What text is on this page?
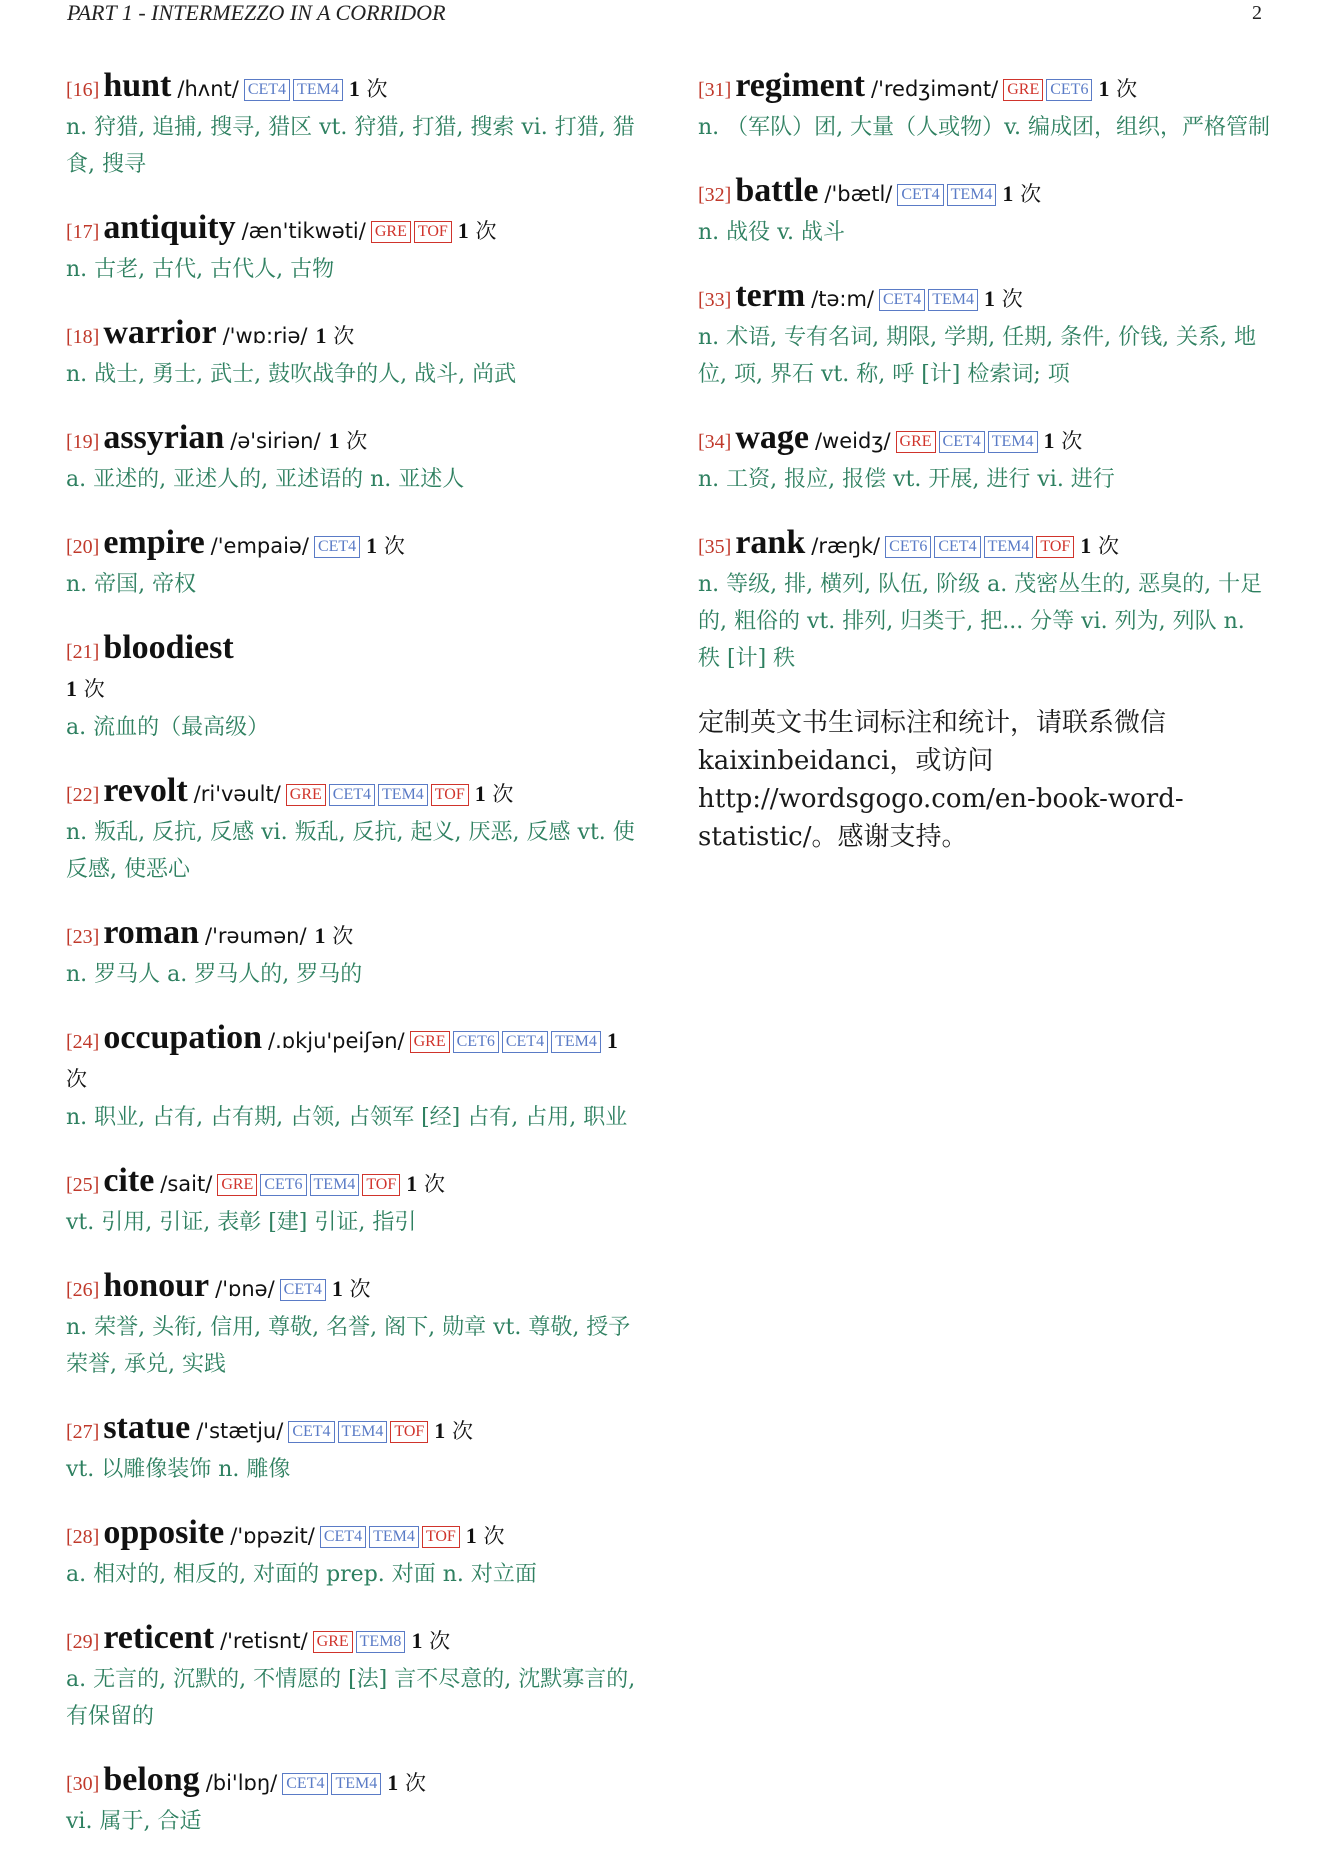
PART 1 - INTERMEZZO IN A CORRIDOR	2
[16] hunt /hʌnt/ CET4 TEM4 1 次
n. 狩猎, 追捕, 搜寻, 猎区 vt. 狩猎, 打猎, 搜索 vi. 打猎, 猎食, 搜寻
[17] antiquity /æn'tikwəti/ GRE TOF 1 次
n. 古老, 古代, 古代人, 古物
[18] warrior /'wɒ:riə/ 1 次
n. 战士, 勇士, 武士, 鼓吹战争的人, 战斗, 尚武
[19] assyrian /ə'siriən/ 1 次
a. 亚述的, 亚述人的, 亚述语的 n. 亚述人
[20] empire /'empaiə/ CET4 1 次
n. 帝国, 帝权
[21] bloodiest
1 次
a. 流血的（最高级）
[22] revolt /ri'vəult/ GRE CET4 TEM4 TOF 1 次
n. 叛乱, 反抗, 反感 vi. 叛乱, 反抗, 起义, 厌恶, 反感 vt. 使反感, 使恶心
[23] roman /'rəumən/ 1 次
n. 罗马人 a. 罗马人的, 罗马的
[24] occupation /.ɒkju'peiʃən/ GRE CET6 CET4 TEM4 1 次
n. 职业, 占有, 占有期, 占领, 占领军 [经] 占有, 占用, 职业
[25] cite /sait/ GRE CET6 TEM4 TOF 1 次
vt. 引用, 引证, 表彰 [建] 引证, 指引
[26] honour /'ɒnə/ CET4 1 次
n. 荣誉, 头衔, 信用, 尊敬, 名誉, 阁下, 勋章 vt. 尊敬, 授予荣誉, 承兑, 实践
[27] statue /'stætju/ CET4 TEM4 TOF 1 次
vt. 以雕像装饰 n. 雕像
[28] opposite /'ɒpəzit/ CET4 TEM4 TOF 1 次
a. 相对的, 相反的, 对面的 prep. 对面 n. 对立面
[29] reticent /'retisnt/ GRE TEM8 1 次
a. 无言的, 沉默的, 不情愿的 [法] 言不尽意的, 沈默寡言的, 有保留的
[30] belong /bi'lɒŋ/ CET4 TEM4 1 次
vi. 属于, 合适
[31] regiment /'redʒimənt/ GRE CET6 1 次
n. （军队）团, 大量（人或物）v. 编成团，组织，严格管制
[32] battle /'bætl/ CET4 TEM4 1 次
n. 战役 v. 战斗
[33] term /tə:m/ CET4 TEM4 1 次
n. 术语, 专有名词, 期限, 学期, 任期, 条件, 价钱, 关系, 地位, 项, 界石 vt. 称, 呼 [计] 检索词; 项
[34] wage /weidʒ/ GRE CET4 TEM4 1 次
n. 工资, 报应, 报偿 vt. 开展, 进行 vi. 进行
[35] rank /ræŋk/ CET6 CET4 TEM4 TOF 1 次
n. 等级, 排, 横列, 队伍, 阶级 a. 茂密丛生的, 恶臭的, 十足的, 粗俗的 vt. 排列, 归类于, 把... 分等 vi. 列为, 列队 n. 秩 [计] 秩
定制英文书生词标注和统计，请联系微信 kaixinbeidanci，或访问 http://wordsgogo.com/en-book-word-statistic/。感谢支持。
